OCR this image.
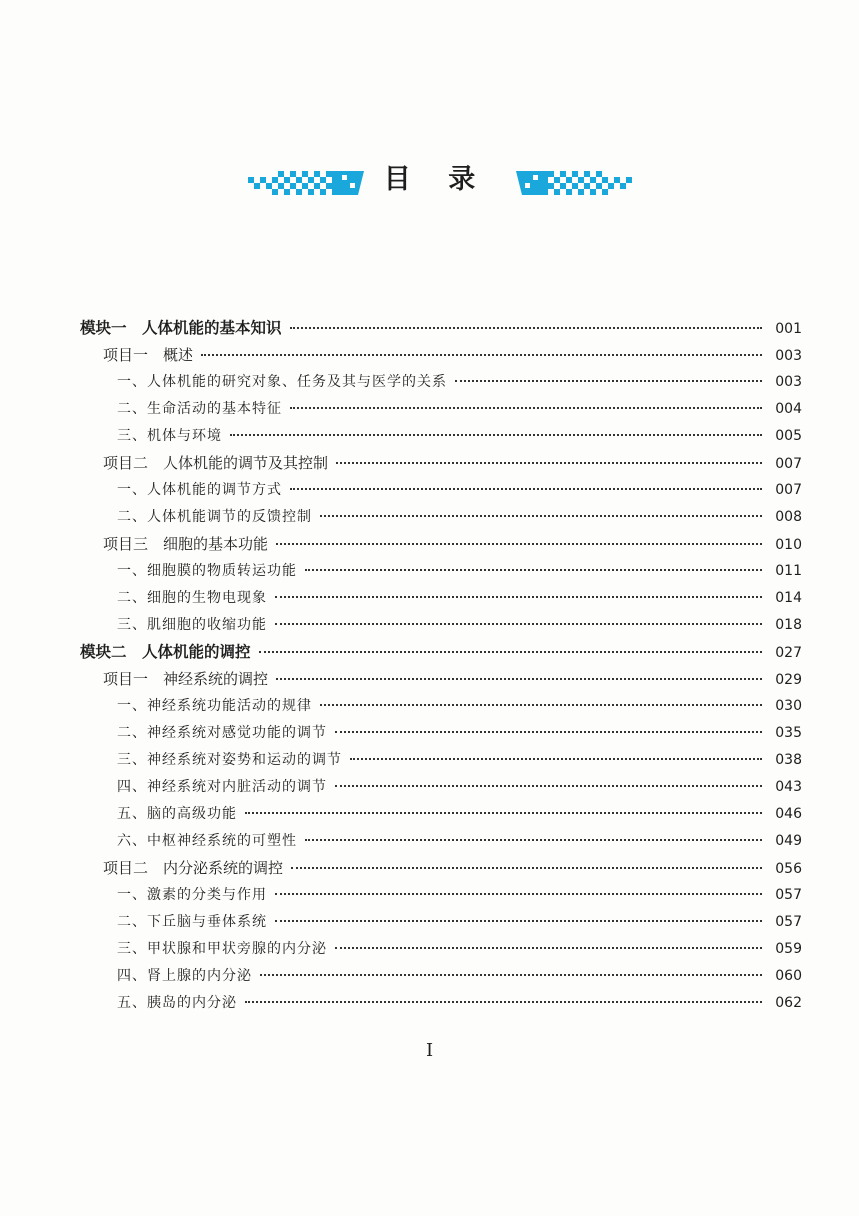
目 录
模块一　人体机能的基本知识	001
项目一　概述	003
一、人体机能的研究对象、任务及其与医学的关系	003
二、生命活动的基本特征	004
三、机体与环境	005
项目二　人体机能的调节及其控制	007
一、人体机能的调节方式	007
二、人体机能调节的反馈控制	008
项目三　细胞的基本功能	010
一、细胞膜的物质转运功能	011
二、细胞的生物电现象	014
三、肌细胞的收缩功能	018
模块二　人体机能的调控	027
项目一　神经系统的调控	029
一、神经系统功能活动的规律	030
二、神经系统对感觉功能的调节	035
三、神经系统对姿势和运动的调节	038
四、神经系统对内脏活动的调节	043
五、脑的高级功能	046
六、中枢神经系统的可塑性	049
项目二　内分泌系统的调控	056
一、激素的分类与作用	057
二、下丘脑与垂体系统	057
三、甲状腺和甲状旁腺的内分泌	059
四、肾上腺的内分泌	060
五、胰岛的内分泌	062
I
